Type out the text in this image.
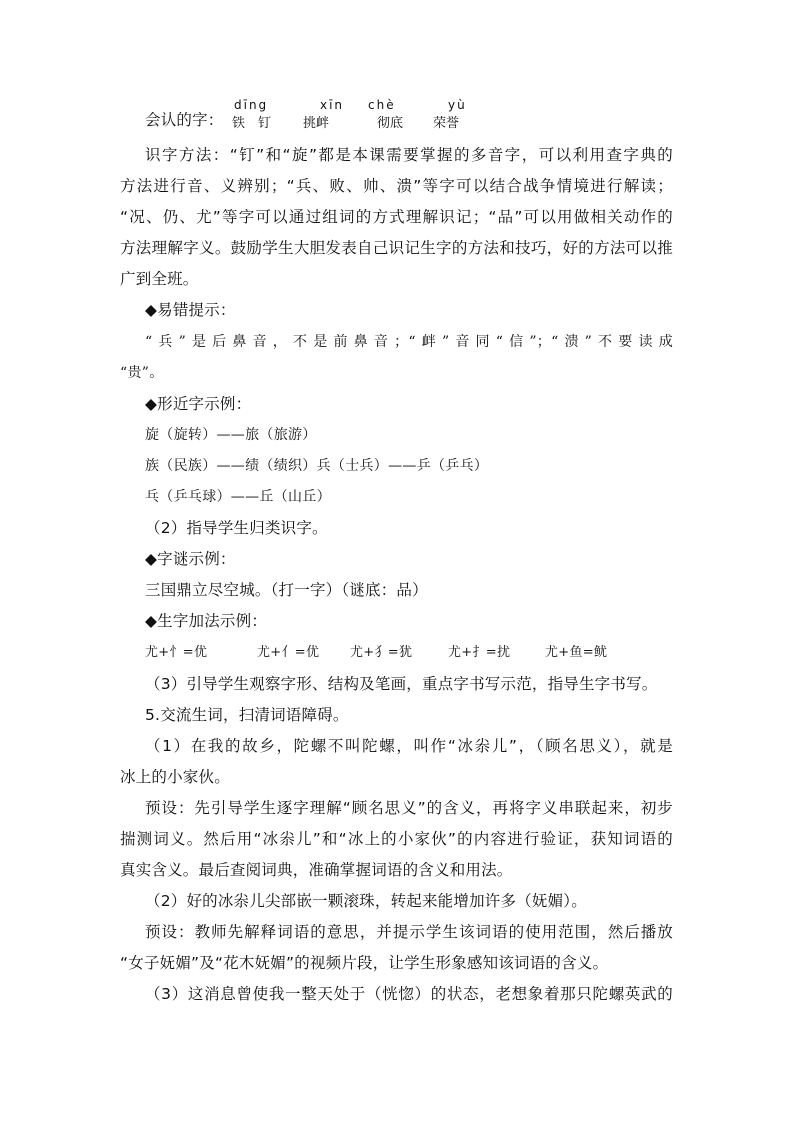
会认的字：
dīng	xīn chè	yù
铁 钉 挑衅	彻底 荣誉
识字方法：“钉”和“旋”都是本课需要掌握的多音字，可以利用查字典的
方法进行音、义辨别；“兵、败、帅、溃”等字可以结合战争情境进行解读；
“况、仍、尤”等字可以通过组词的方式理解识记；“品”可以用做相关动作的
方法理解字义。鼓励学生大胆发表自己识记生字的方法和技巧，好的方法可以推
广到全班。
◆易错提示：
“兵”是后鼻音，不是前鼻音；“衅”音同“信”；“溃”不要读成
“贵”。
◆形近字示例：
旋（旋转）——旅（旅游）
族（民族）——绩（绩织）兵（士兵）——乒（乒乓）
乓（乒乓球）——丘（山丘）
（2）指导学生归类识字。
◆字谜示例：
三国鼎立尽空城。（打一字）（谜底：品）
◆生字加法示例：
尤+忄=优	尤+亻=优 尤+犭=犹	尤+扌=扰	尤+鱼=鱿
（3）引导学生观察字形、结构及笔画，重点字书写示范，指导生字书写。
5.交流生词，扫清词语障碍。
（1）在我的故乡，陀螺不叫陀螺，叫作“冰尜儿”，（顾名思义），就是
冰上的小家伙。
预设：先引导学生逐字理解“顾名思义”的含义，再将字义串联起来，初步
揣测词义。然后用“冰尜儿”和“冰上的小家伙”的内容进行验证，获知词语的
真实含义。最后查阅词典，准确掌握词语的含义和用法。
（2）好的冰尜儿尖部嵌一颗滚珠，转起来能增加许多（妩媚）。
预设：教师先解释词语的意思，并提示学生该词语的使用范围，然后播放
“女子妩媚”及“花木妩媚”的视频片段，让学生形象感知该词语的含义。
（3）这消息曾使我一整天处于（恍惚）的状态，老想象着那只陀螺英武的
